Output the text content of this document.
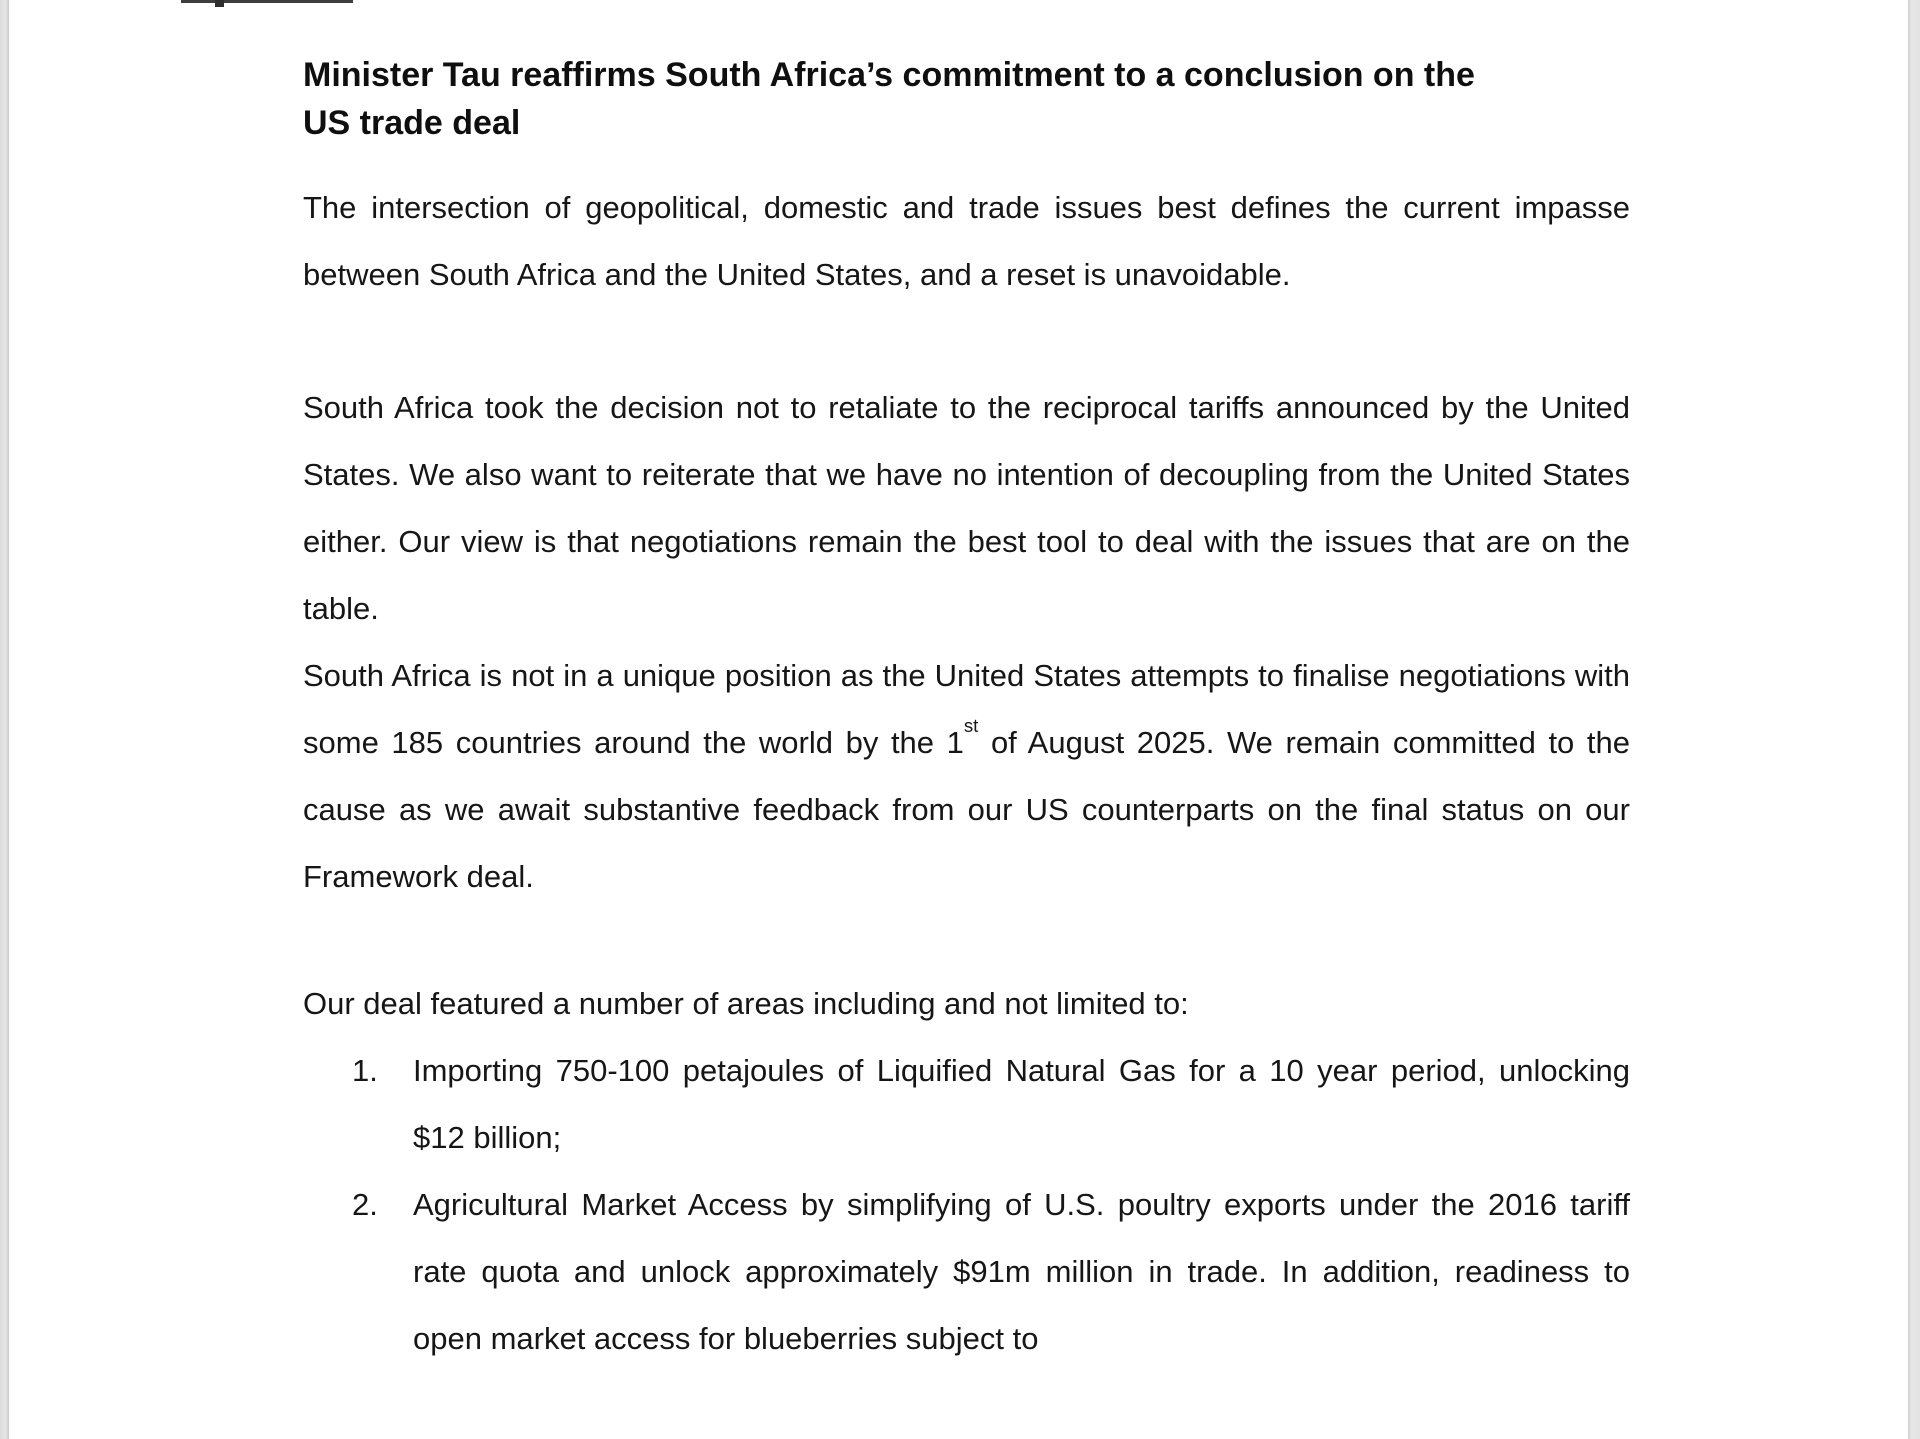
Minister Tau reaffirms South Africa’s commitment to a conclusion on the
US trade deal

The intersection of geopolitical, domestic and trade issues best defines the current impasse between South Africa and the United States, and a reset is unavoidable.

South Africa took the decision not to retaliate to the reciprocal tariffs announced by the United States. We also want to reiterate that we have no intention of decoupling from the United States either. Our view is that negotiations remain the best tool to deal with the issues that are on the table.

South Africa is not in a unique position as the United States attempts to finalise negotiations with some 185 countries around the world by the 1st of August 2025. We remain committed to the cause as we await substantive feedback from our US counterparts on the final status on our Framework deal.

Our deal featured a number of areas including and not limited to:

1.	Importing 750-100 petajoules of Liquified Natural Gas for a 10 year period, unlocking $12 billion;
2.	Agricultural Market Access by simplifying of U.S. poultry exports under the 2016 tariff rate quota and unlock approximately $91m million in trade. In addition, readiness to open market access for blueberries subject to
